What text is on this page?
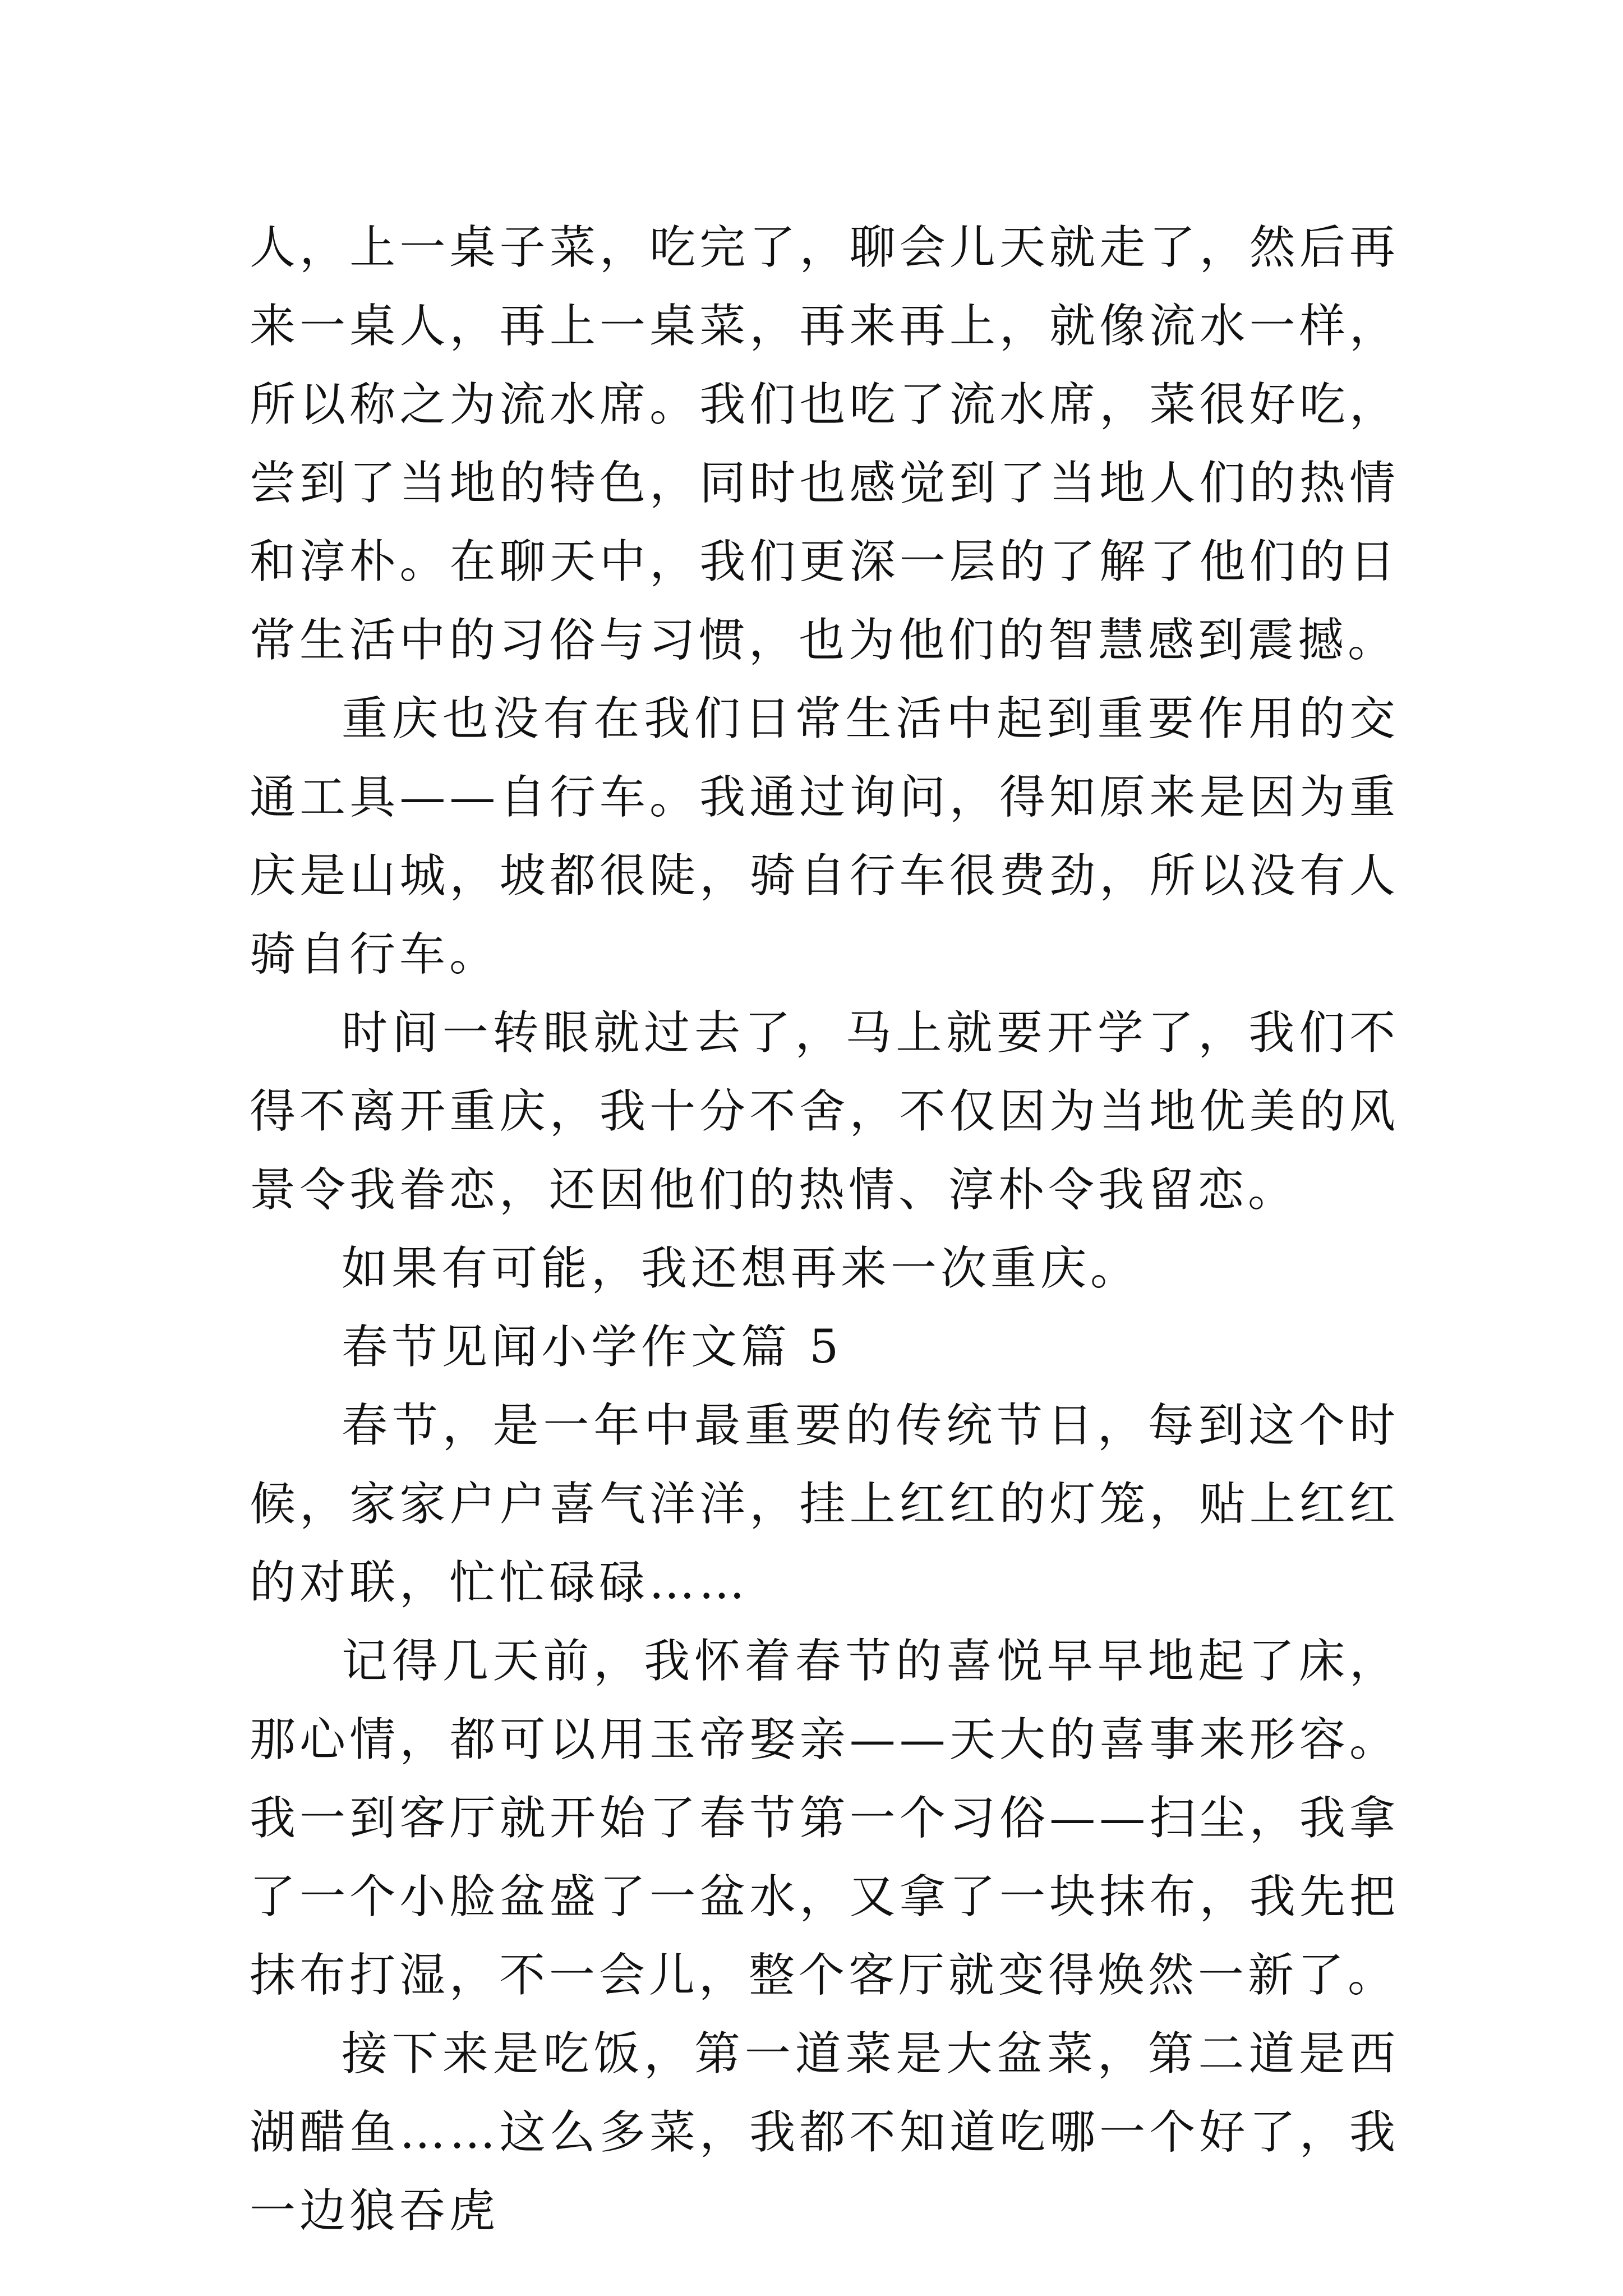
人，上一桌子菜，吃完了，聊会儿天就走了，然后再来一桌人，再上一桌菜，再来再上，就像流水一样，所以称之为流水席。我们也吃了流水席，菜很好吃，尝到了当地的特色，同时也感觉到了当地人们的热情和淳朴。在聊天中，我们更深一层的了解了他们的日常生活中的习俗与习惯，也为他们的智慧感到震撼。

重庆也没有在我们日常生活中起到重要作用的交通工具——自行车。我通过询问，得知原来是因为重庆是山城，坡都很陡，骑自行车很费劲，所以没有人骑自行车。

时间一转眼就过去了，马上就要开学了，我们不得不离开重庆，我十分不舍，不仅因为当地优美的风景令我眷恋，还因他们的热情、淳朴令我留恋。

如果有可能，我还想再来一次重庆。

春节见闻小学作文篇 5

春节，是一年中最重要的传统节日，每到这个时候，家家户户喜气洋洋，挂上红红的灯笼，贴上红红的对联，忙忙碌碌……

记得几天前，我怀着春节的喜悦早早地起了床，那心情，都可以用玉帝娶亲——天大的喜事来形容。我一到客厅就开始了春节第一个习俗——扫尘，我拿了一个小脸盆盛了一盆水，又拿了一块抹布，我先把抹布打湿，不一会儿，整个客厅就变得焕然一新了。

接下来是吃饭，第一道菜是大盆菜，第二道是西湖醋鱼……这么多菜，我都不知道吃哪一个好了，我一边狼吞虎
